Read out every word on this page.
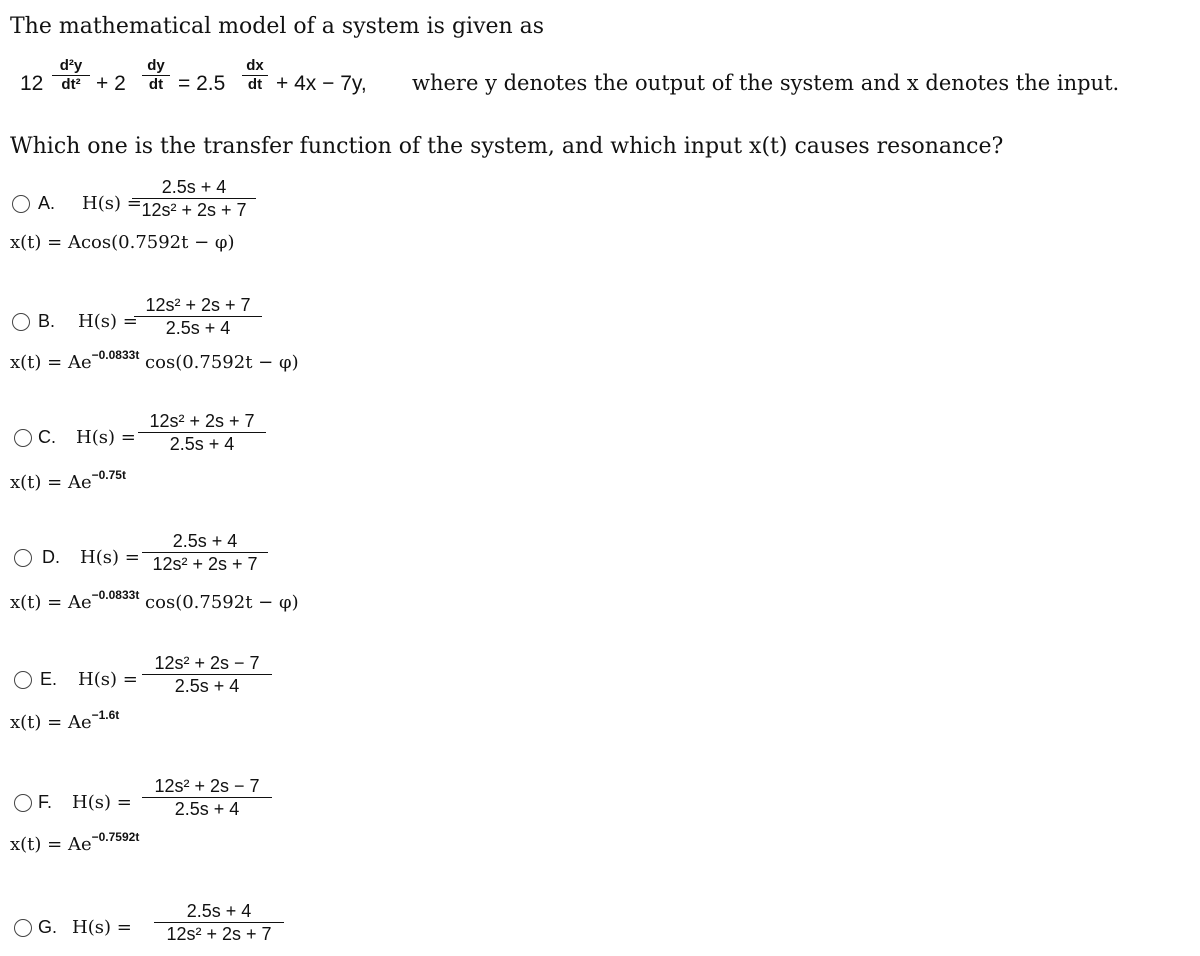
The mathematical model of a system is given as
12
d²y
dt² + 2
dy
dt = 2.5
dx
dt + 4x − 7y, where y denotes the output of the system and x denotes the input.
Which one is the transfer function of the system, and which input x(t) causes resonance?
A. H(s) =
2.5s + 4
12s² + 2s + 7
x(t) = Acos(0.7592t − φ)
B. H(s) =
12s² + 2s + 7
2.5s + 4
$x(t) = Ae^{-0.0833t}$ cos(0.7592t − φ)
C. H(s) =
12s² + 2s + 7
2.5s + 4
$x(t) = Ae^{-0.75t}$
D. H(s) =
2.5s + 4
12s² + 2s + 7
$x(t) = Ae^{-0.0833t}$ cos(0.7592t − φ)
E. H(s) =
12s² + 2s − 7
2.5s + 4
$x(t) = Ae^{-1.6t}$
F. H(s) =
12s² + 2s − 7
2.5s + 4
$x(t) = Ae^{-0.7592t}$
G. H(s) =
2.5s + 4
12s² + 2s + 7
